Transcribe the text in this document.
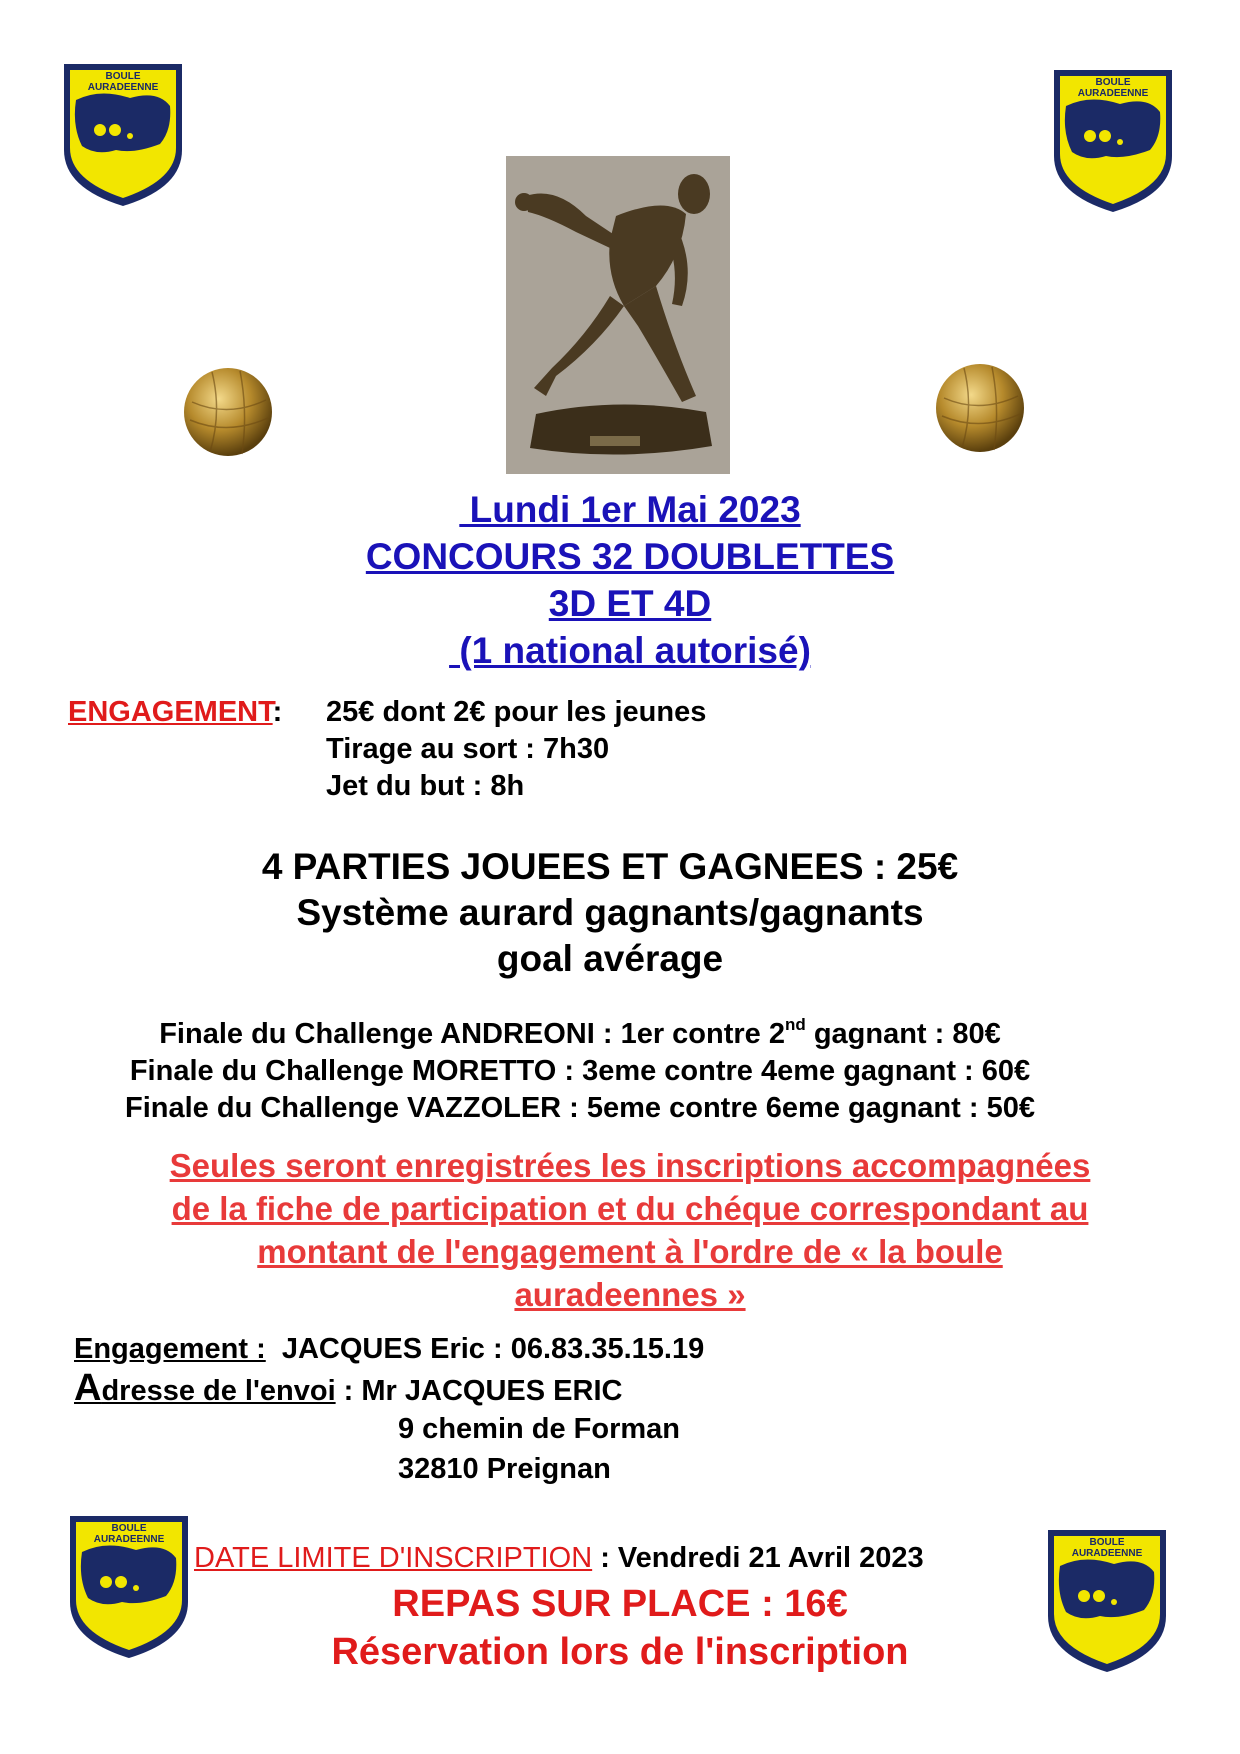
BOULE
AURADEENNE	BOULE
AURADEENNE
BOULE
AURADEENNE	BOULE
AURADEENNE
Lundi 1er Mai 2023
CONCOURS 32 DOUBLETTES
3D ET 4D
(1 national autorisé)
ENGAGEMENT: 25€ dont 2€ pour les jeunes
Tirage au sort : 7h30
Jet du but : 8h
4 PARTIES JOUEES ET GAGNEES : 25€
Système aurard gagnants/gagnants
goal avérage
Finale du Challenge ANDREONI : 1er contre 2nd gagnant : 80€
Finale du Challenge MORETTO : 3eme contre 4eme gagnant : 60€
Finale du Challenge VAZZOLER : 5eme contre 6eme gagnant : 50€
Seules seront enregistrées les inscriptions accompagnées
de la fiche de participation et du chéque correspondant au
montant de l'engagement à l'ordre de « la boule
auradeennes »
Engagement :  JACQUES Eric : 06.83.35.15.19
Adresse de l'envoi : Mr JACQUES ERIC
9 chemin de Forman
32810 Preignan
DATE LIMITE D'INSCRIPTION : Vendredi 21 Avril 2023
REPAS SUR PLACE : 16€
Réservation lors de l'inscription
